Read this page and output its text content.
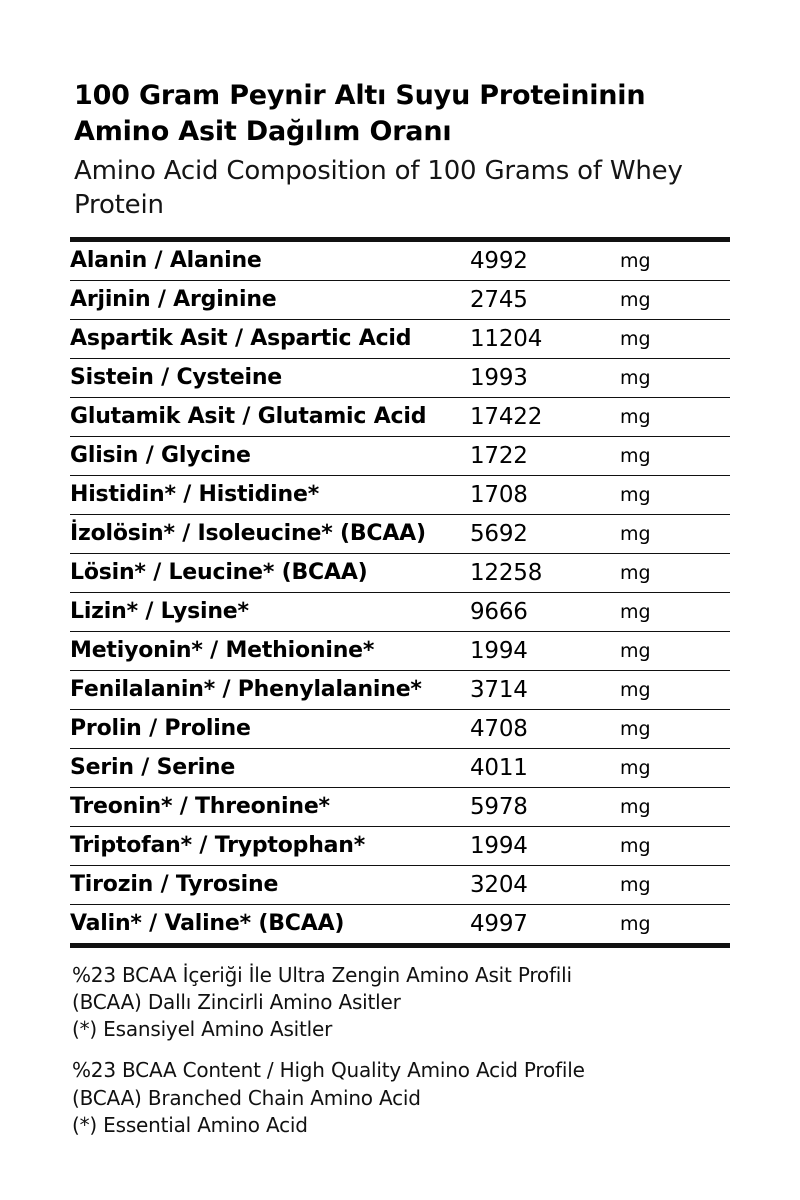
100 Gram Peynir Altı Suyu Proteininin Amino Asit Dağılım Oranı
Amino Acid Composition of 100 Grams of Whey Protein
Alanin / Alanine	4992	mg
Arjinin / Arginine	2745	mg
Aspartik Asit / Aspartic Acid	11204	mg
Sistein / Cysteine	1993	mg
Glutamik Asit / Glutamic Acid	17422	mg
Glisin / Glycine	1722	mg
Histidin* / Histidine*	1708	mg
İzolösin* / Isoleucine* (BCAA)	5692	mg
Lösin* / Leucine* (BCAA)	12258	mg
Lizin* / Lysine*	9666	mg
Metiyonin* / Methionine*	1994	mg
Fenilalanin* / Phenylalanine*	3714	mg
Prolin / Proline	4708	mg
Serin / Serine	4011	mg
Treonin* / Threonine*	5978	mg
Triptofan* / Tryptophan*	1994	mg
Tirozin / Tyrosine	3204	mg
Valin* / Valine* (BCAA)	4997	mg
%23 BCAA İçeriği İle Ultra Zengin Amino Asit Profili
(BCAA) Dallı Zincirli Amino Asitler
(*) Esansiyel Amino Asitler
%23 BCAA Content / High Quality Amino Acid Profile
(BCAA) Branched Chain Amino Acid
(*) Essential Amino Acid
